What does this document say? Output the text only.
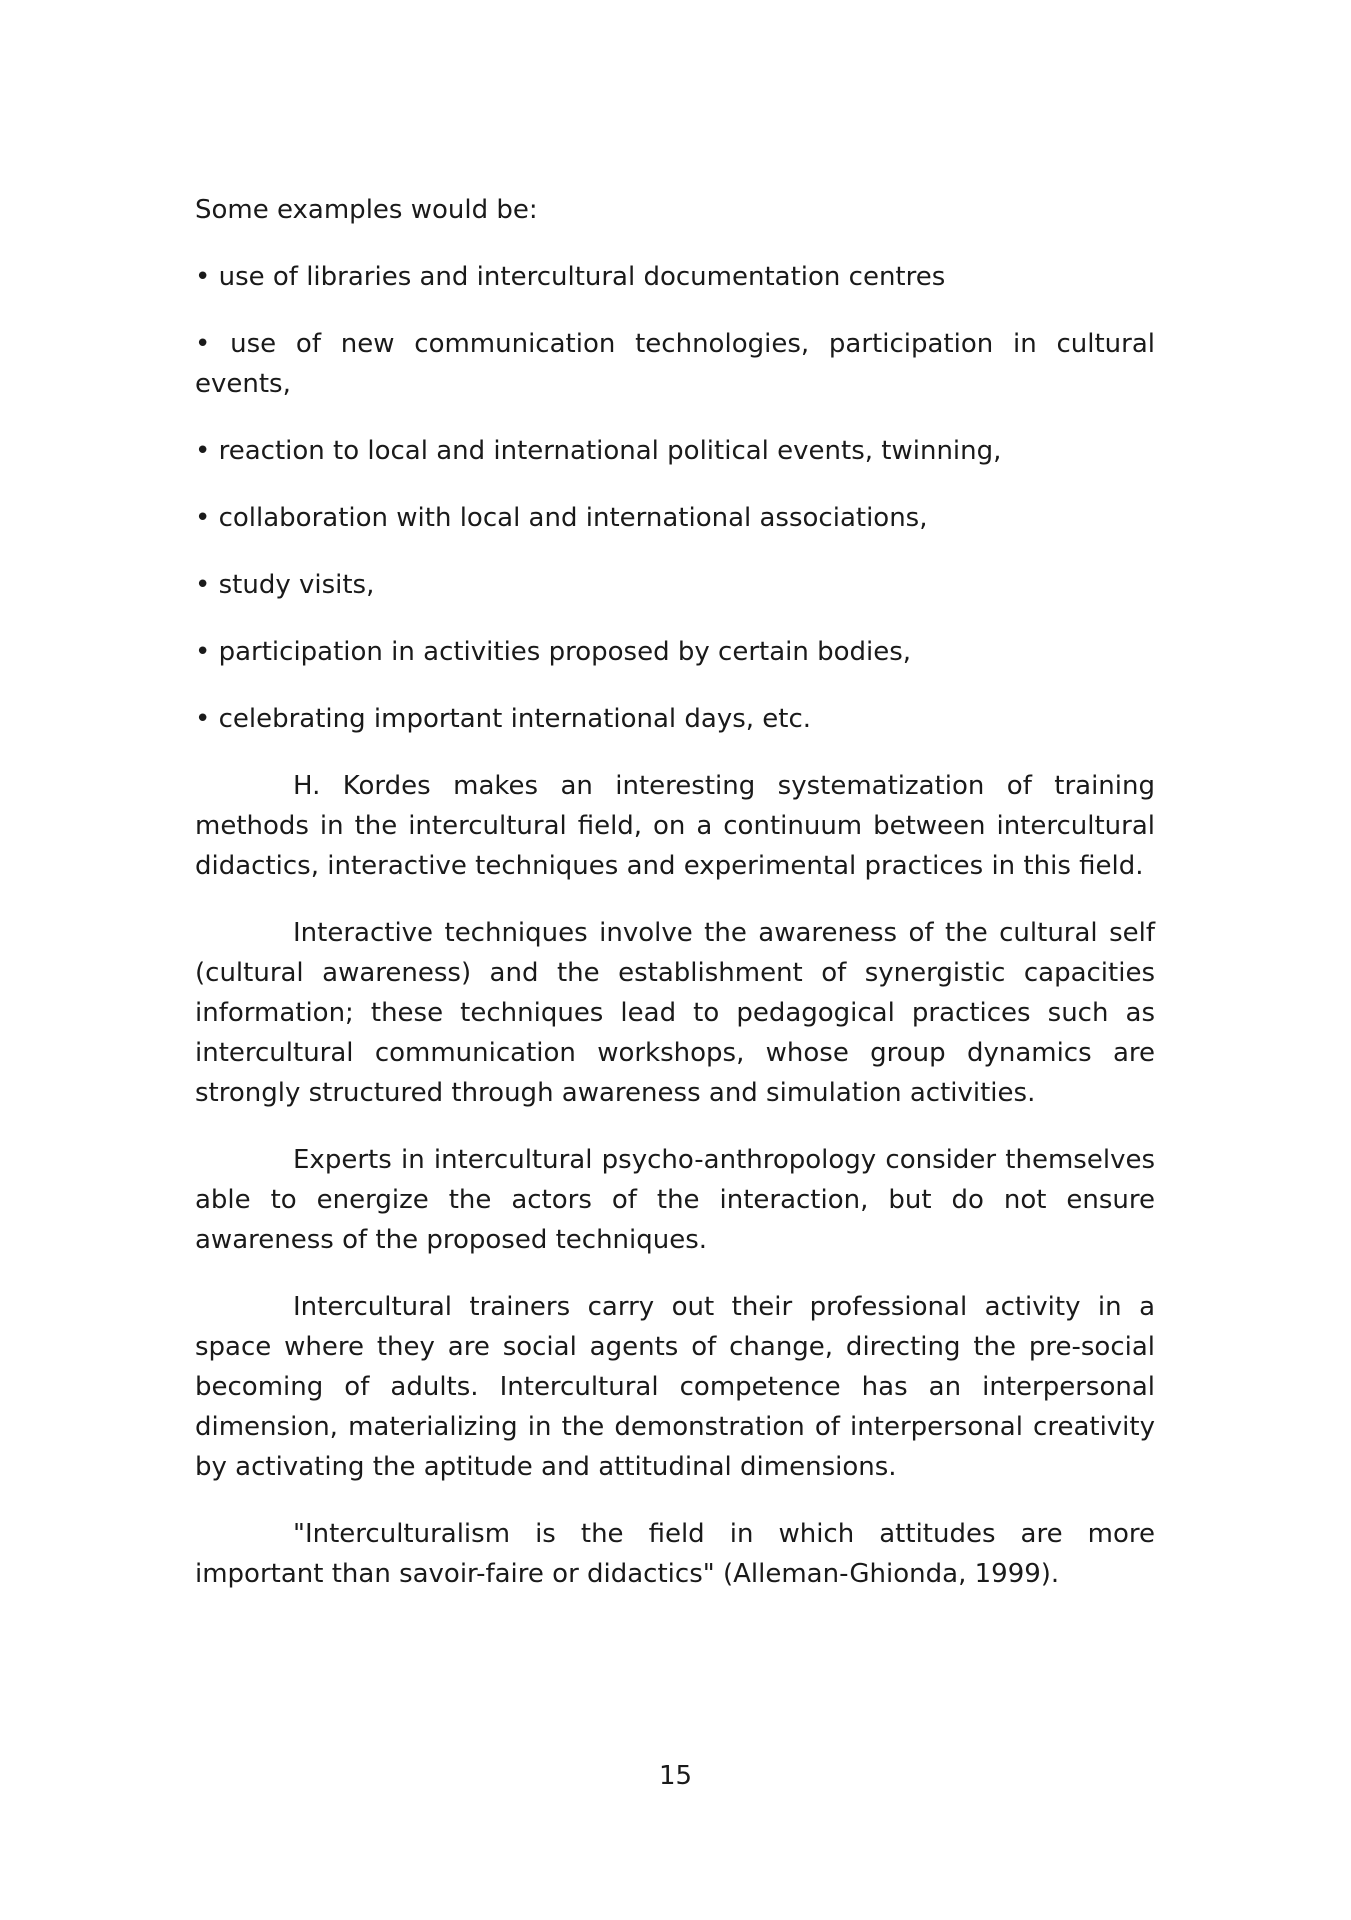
Some examples would be:

• use of libraries and intercultural documentation centres
• use of new communication technologies, participation in cultural events,
• reaction to local and international political events, twinning,
• collaboration with local and international associations,
• study visits,
• participation in activities proposed by certain bodies,
• celebrating important international days, etc.

H. Kordes makes an interesting systematization of training methods in the intercultural field, on a continuum between intercultural didactics, interactive techniques and experimental practices in this field.

Interactive techniques involve the awareness of the cultural self (cultural awareness) and the establishment of synergistic capacities information; these techniques lead to pedagogical practices such as intercultural communication workshops, whose group dynamics are strongly structured through awareness and simulation activities.

Experts in intercultural psycho-anthropology consider themselves able to energize the actors of the interaction, but do not ensure awareness of the proposed techniques.

Intercultural trainers carry out their professional activity in a space where they are social agents of change, directing the pre-social becoming of adults. Intercultural competence has an interpersonal dimension, materializing in the demonstration of interpersonal creativity by activating the aptitude and attitudinal dimensions.

"Interculturalism is the field in which attitudes are more important than savoir-faire or didactics" (Alleman-Ghionda, 1999).

15
